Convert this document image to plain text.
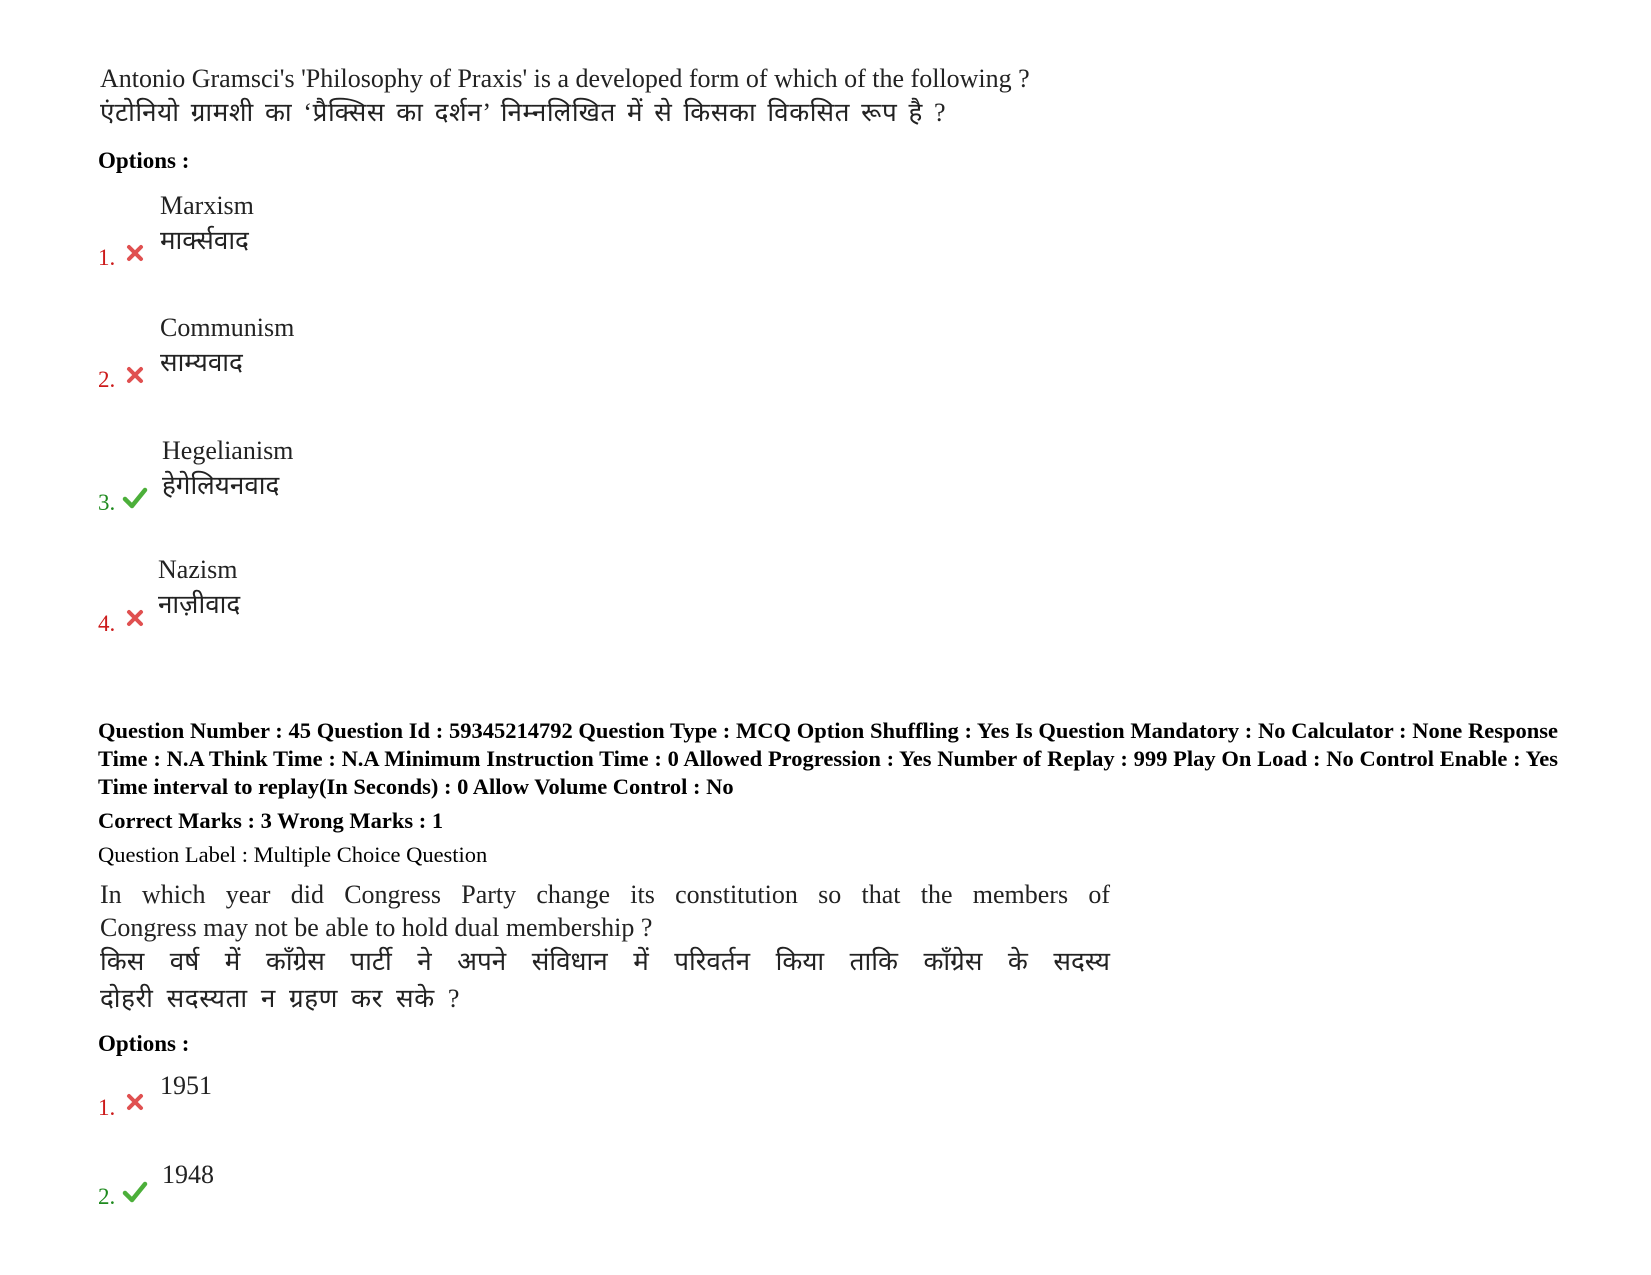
Antonio Gramsci's 'Philosophy of Praxis' is a developed form of which of the following ?
एंटोनियो ग्रामशी का ‘प्रैक्सिस का दर्शन’ निम्नलिखित में से किसका विकसित रूप है ?
Options :
Marxism
मार्क्सवाद
1.
Communism
साम्यवाद
2.
Hegelianism
हेगेलियनवाद
3.
Nazism
नाज़ीवाद
4.
Question Number : 45 Question Id : 59345214792 Question Type : MCQ Option Shuffling : Yes Is Question Mandatory : No Calculator : None Response Time : N.A Think Time : N.A Minimum Instruction Time : 0 Allowed Progression : Yes Number of Replay : 999 Play On Load : No Control Enable : Yes Time interval to replay(In Seconds) : 0 Allow Volume Control : No
Correct Marks : 3 Wrong Marks : 1
Question Label : Multiple Choice Question
In which year did Congress Party change its constitution so that the members of
Congress may not be able to hold dual membership ?
किस वर्ष में काँग्रेस पार्टी ने अपने संविधान में परिवर्तन किया ताकि काँग्रेस के सदस्य
दोहरी सदस्यता न ग्रहण कर सके ?
Options :
1951
1.
1948
2.
